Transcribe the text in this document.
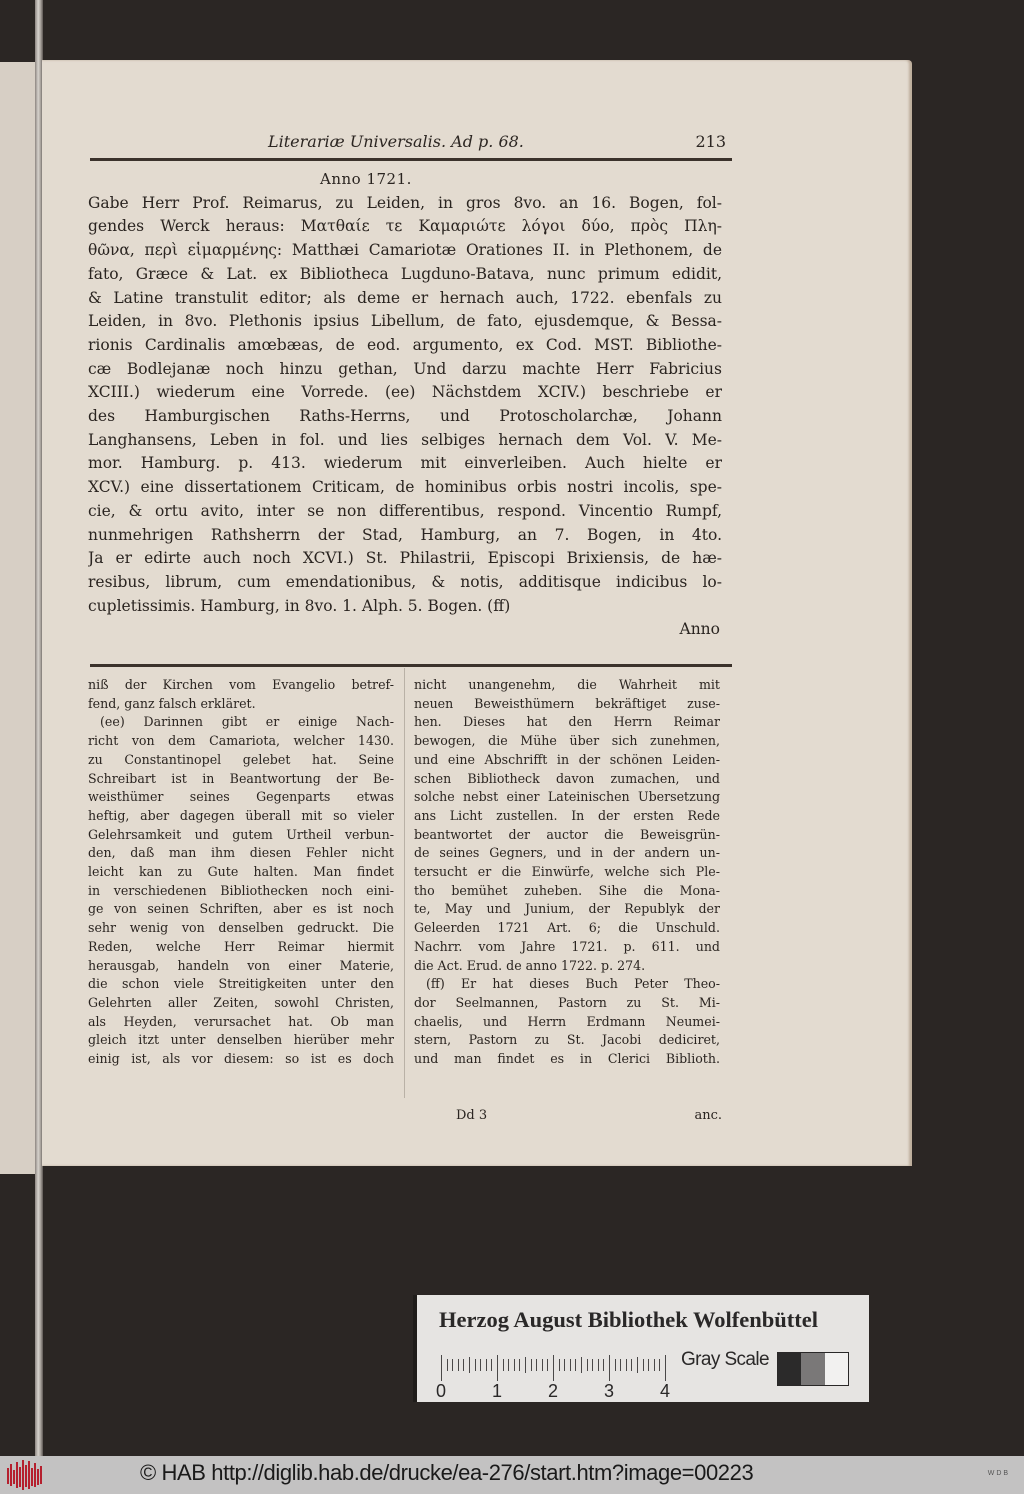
Literariæ Universalis. Ad p. 68.	213
Anno 1721.
Gabe Herr Prof. Reimarus, zu Leiden, in gros 8vo. an 16. Bogen, fol-
gendes Werck heraus: Ματθαίε τε Καμαριώτε λόγοι δύο, πρὸς Πλη-
θῶνα, περὶ εἱμαρμένης: Matthæi Camariotæ Orationes II. in Plethonem, de
fato, Græce & Lat. ex Bibliotheca Lugduno-Batava, nunc primum edidit,
& Latine transtulit editor; als deme er hernach auch, 1722. ebenfals zu
Leiden, in 8vo. Plethonis ipsius Libellum, de fato, ejusdemque, & Bessa-
rionis Cardinalis amœbæas, de eod. argumento, ex Cod. MST. Bibliothe-
cæ Bodlejanæ noch hinzu gethan, Und darzu machte Herr Fabricius
XCIII.) wiederum eine Vorrede. (ee) Nächstdem XCIV.) beschriebe er
des Hamburgischen Raths-Herrns, und Protoscholarchæ, Johann
Langhansens, Leben in fol. und lies selbiges hernach dem Vol. V. Me-
mor. Hamburg. p. 413. wiederum mit einverleiben. Auch hielte er
XCV.) eine dissertationem Criticam, de hominibus orbis nostri incolis, spe-
cie, & ortu avito, inter se non differentibus, respond. Vincentio Rumpf,
nunmehrigen Rathsherrn der Stad, Hamburg, an 7. Bogen, in 4to.
Ja er edirte auch noch XCVI.) St. Philastrii, Episcopi Brixiensis, de hæ-
resibus, librum, cum emendationibus, & notis, additisque indicibus lo-
cupletissimis. Hamburg, in 8vo. 1. Alph. 5. Bogen. (ff)
Anno
niß der Kirchen vom Evangelio betref-
fend, ganz falsch erkläret.
(ee) Darinnen gibt er einige Nach-
richt von dem Camariota, welcher 1430.
zu Constantinopel gelebet hat. Seine
Schreibart ist in Beantwortung der Be-
weisthümer seines Gegenparts etwas
heftig, aber dagegen überall mit so vieler
Gelehrsamkeit und gutem Urtheil verbun-
den, daß man ihm diesen Fehler nicht
leicht kan zu Gute halten. Man findet
in verschiedenen Bibliothecken noch eini-
ge von seinen Schriften, aber es ist noch
sehr wenig von denselben gedruckt. Die
Reden, welche Herr Reimar hiermit
herausgab, handeln von einer Materie,
die schon viele Streitigkeiten unter den
Gelehrten aller Zeiten, sowohl Christen,
als Heyden, verursachet hat. Ob man
gleich itzt unter denselben hierüber mehr
einig ist, als vor diesem: so ist es doch
nicht unangenehm, die Wahrheit mit
neuen Beweisthümern bekräftiget zuse-
hen. Dieses hat den Herrn Reimar
bewogen, die Mühe über sich zunehmen,
und eine Abschrifft in der schönen Leiden-
schen Bibliotheck davon zumachen, und
solche nebst einer Lateinischen Ubersetzung
ans Licht zustellen. In der ersten Rede
beantwortet der auctor die Beweisgrün-
de seines Gegners, und in der andern un-
tersucht er die Einwürfe, welche sich Ple-
tho bemühet zuheben. Sihe die Mona-
te, May und Junium, der Republyk der
Geleerden 1721 Art. 6; die Unschuld.
Nachrr. vom Jahre 1721. p. 611. und
die Act. Erud. de anno 1722. p. 274.
(ff) Er hat dieses Buch Peter Theo-
dor Seelmannen, Pastorn zu St. Mi-
chaelis, und Herrn Erdmann Neumei-
stern, Pastorn zu St. Jacobi dediciret,
und man findet es in Clerici Biblioth.
Dd 3	anc.
Herzog August Bibliothek Wolfenbüttel
0	1	2	3	4
Gray Scale
© HAB http://diglib.hab.de/drucke/ea-276/start.htm?image=00223	W D B
